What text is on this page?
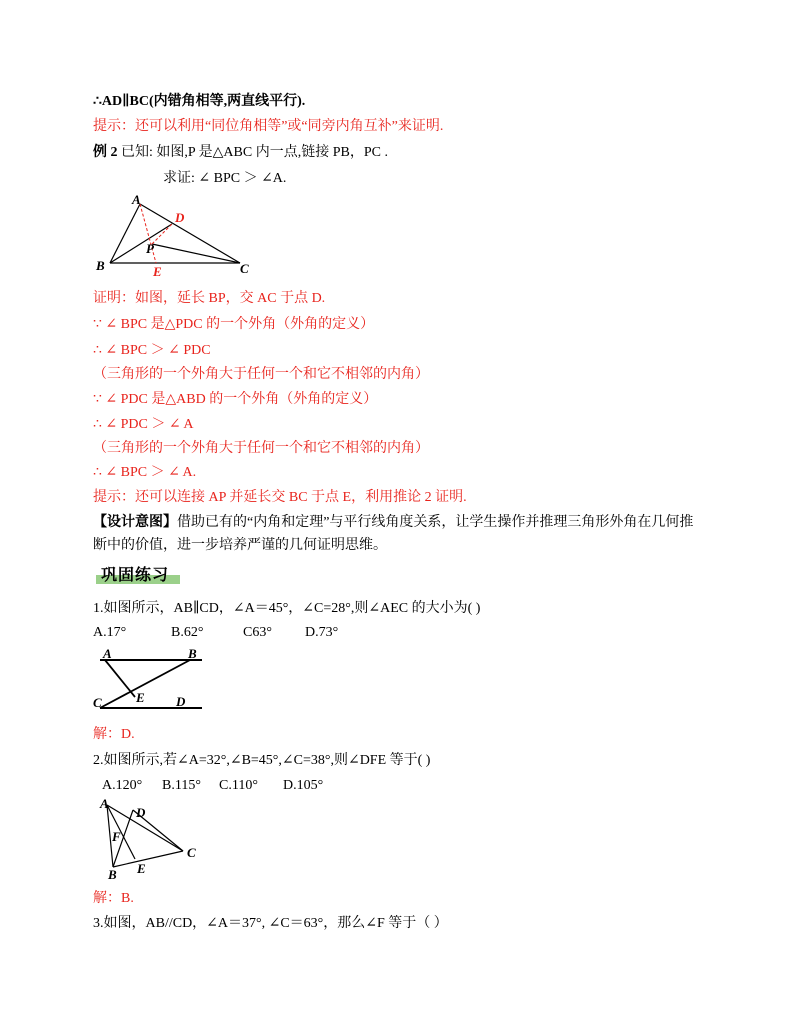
∴AD∥BC(内错角相等,两直线平行).
提示：还可以利用“同位角相等”或“同旁内角互补”来证明.
例 2 已知: 如图,P 是△ABC 内一点,链接 PB，PC .
求证: ∠ BPC ＞ ∠A.
A
D
P
B	E	C
证明：如图，延长 BP，交 AC 于点 D.
∵ ∠ BPC 是△PDC 的一个外角（外角的定义）
∴ ∠ BPC ＞ ∠ PDC
（三角形的一个外角大于任何一个和它不相邻的内角）
∵ ∠ PDC 是△ABD 的一个外角（外角的定义）
∴ ∠ PDC ＞ ∠ A
（三角形的一个外角大于任何一个和它不相邻的内角）
∴ ∠ BPC ＞ ∠ A.
提示：还可以连接 AP 并延长交 BC 于点 E，利用推论 2 证明.
【设计意图】借助已有的“内角和定理”与平行线角度关系，让学生操作并推理三角形外角在几何推
断中的价值，进一步培养严谨的几何证明思维。
巩固练习
1.如图所示，AB∥CD，∠A＝45°，∠C=28°,则∠AEC 的大小为( )
A.17°	B.62°	C63° D.73°
A	B
E
C	D
解：D.
2.如图所示,若∠A=32°,∠B=45°,∠C=38°,则∠DFE 等于( )
A.120° B.115° C.110° D.105°
A
D
F
B E
C
解：B.
3.如图，AB//CD，∠A＝37°, ∠C＝63°，那么∠F 等于（ ）
